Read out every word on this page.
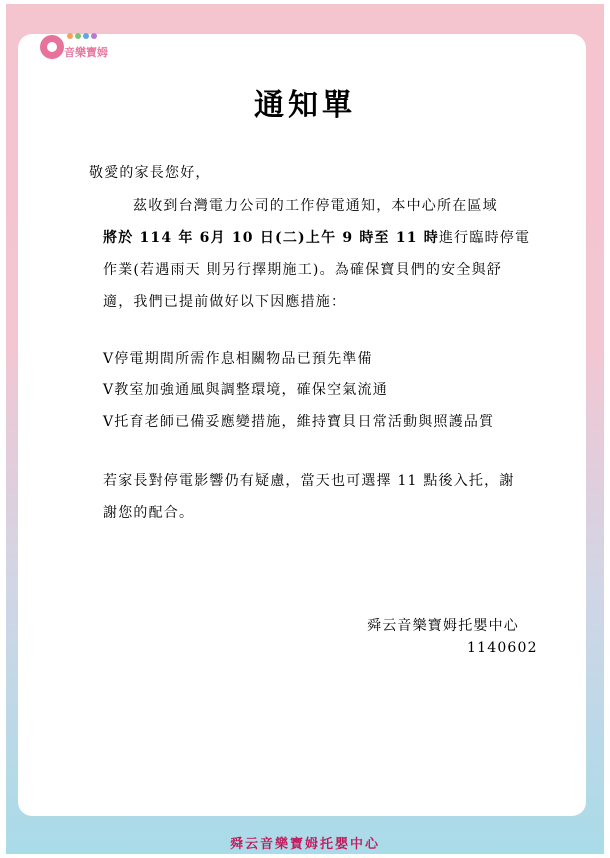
音樂寶姆
通知單
敬愛的家長您好，
茲收到台灣電力公司的工作停電通知，本中心所在區域
將於 114 年 6月 10 日(二)上午 9 時至 11 時進行臨時停電
作業(若遇雨天 則另行擇期施工)。為確保寶貝們的安全與舒
適，我們已提前做好以下因應措施：
V停電期間所需作息相關物品已預先準備
V教室加強通風與調整環境，確保空氣流通
V托育老師已備妥應變措施，維持寶貝日常活動與照護品質
若家長對停電影響仍有疑慮，當天也可選擇 11 點後入托，謝
謝您的配合。
舜云音樂寶姆托嬰中心
1140602
舜云音樂寶姆托嬰中心
